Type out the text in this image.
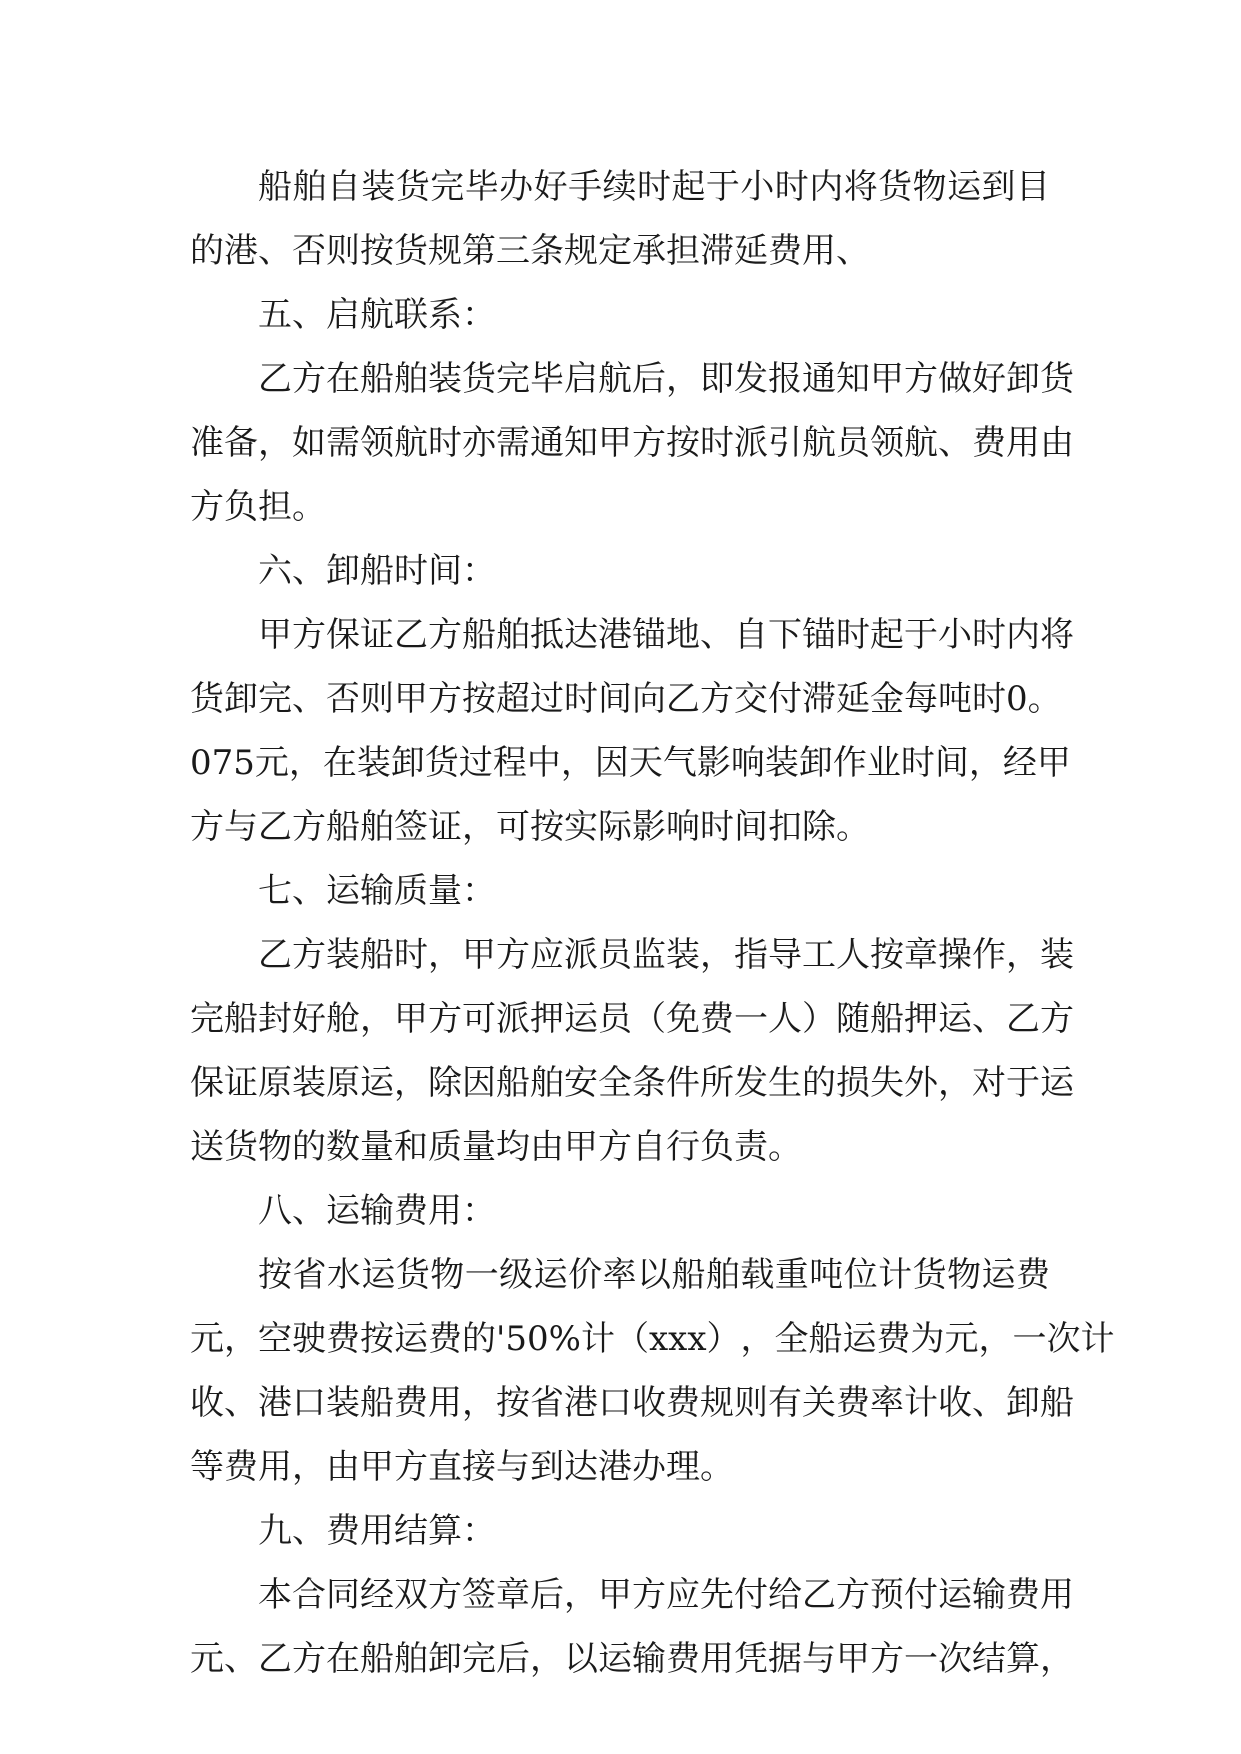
船 舶 自 装 货 完 毕 办 好 手 续 时 起 于 小 时 内 将 货 物 运 到 目
的港、否则按货规第三条规定承担滞延费用、
五、启航联系：
乙 方 在 船 舶 装 货 完 毕 启 航 后 ， 即 发 报 通 知 甲 方 做 好 卸 货
准 备 ， 如 需 领 航 时 亦 需 通 知 甲 方 按 时 派 引 航 员 领 航 、 费 用 由
方负担。
六、卸船时间：
甲 方 保 证 乙 方 船 舶 抵 达 港 锚 地 、 自 下 锚 时 起 于 小 时 内 将
货 卸 完 、 否 则 甲 方 按 超 过 时 间 向 乙 方 交 付 滞 延 金 每 吨 时 0 。
0 7 5 元 ， 在 装 卸 货 过 程 中 ， 因 天 气 影 响 装 卸 作 业 时 间 ， 经 甲
方与乙方船舶签证，可按实际影响时间扣除。
七、运输质量：
乙 方 装 船 时 ， 甲 方 应 派 员 监 装 ， 指 导 工 人 按 章 操 作 ， 装
完 船 封 好 舱 ， 甲 方 可 派 押 运 员 （ 免 费 一 人 ） 随 船 押 运 、 乙 方
保 证 原 装 原 运 ， 除 因 船 舶 安 全 条 件 所 发 生 的 损 失 外 ， 对 于 运
送货物的数量和质量均由甲方自行负责。
八、运输费用：
按 省 水 运 货 物 一 级 运 价 率 以 船 舶 载 重 吨 位 计 货 物 运 费
元 ， 空 驶 费 按 运 费 的 ' 5 0 % 计 （ x x x ） ， 全 船 运 费 为 元 ， 一 次 计
收 、 港 口 装 船 费 用 ， 按 省 港 口 收 费 规 则 有 关 费 率 计 收 、 卸 船
等费用，由甲方直接与到达港办理。
九、费用结算：
本 合 同 经 双 方 签 章 后 ， 甲 方 应 先 付 给 乙 方 预 付 运 输 费 用
元 、 乙 方 在 船 舶 卸 完 后 ， 以 运 输 费 用 凭 据 与 甲 方 一 次 结 算 ，
